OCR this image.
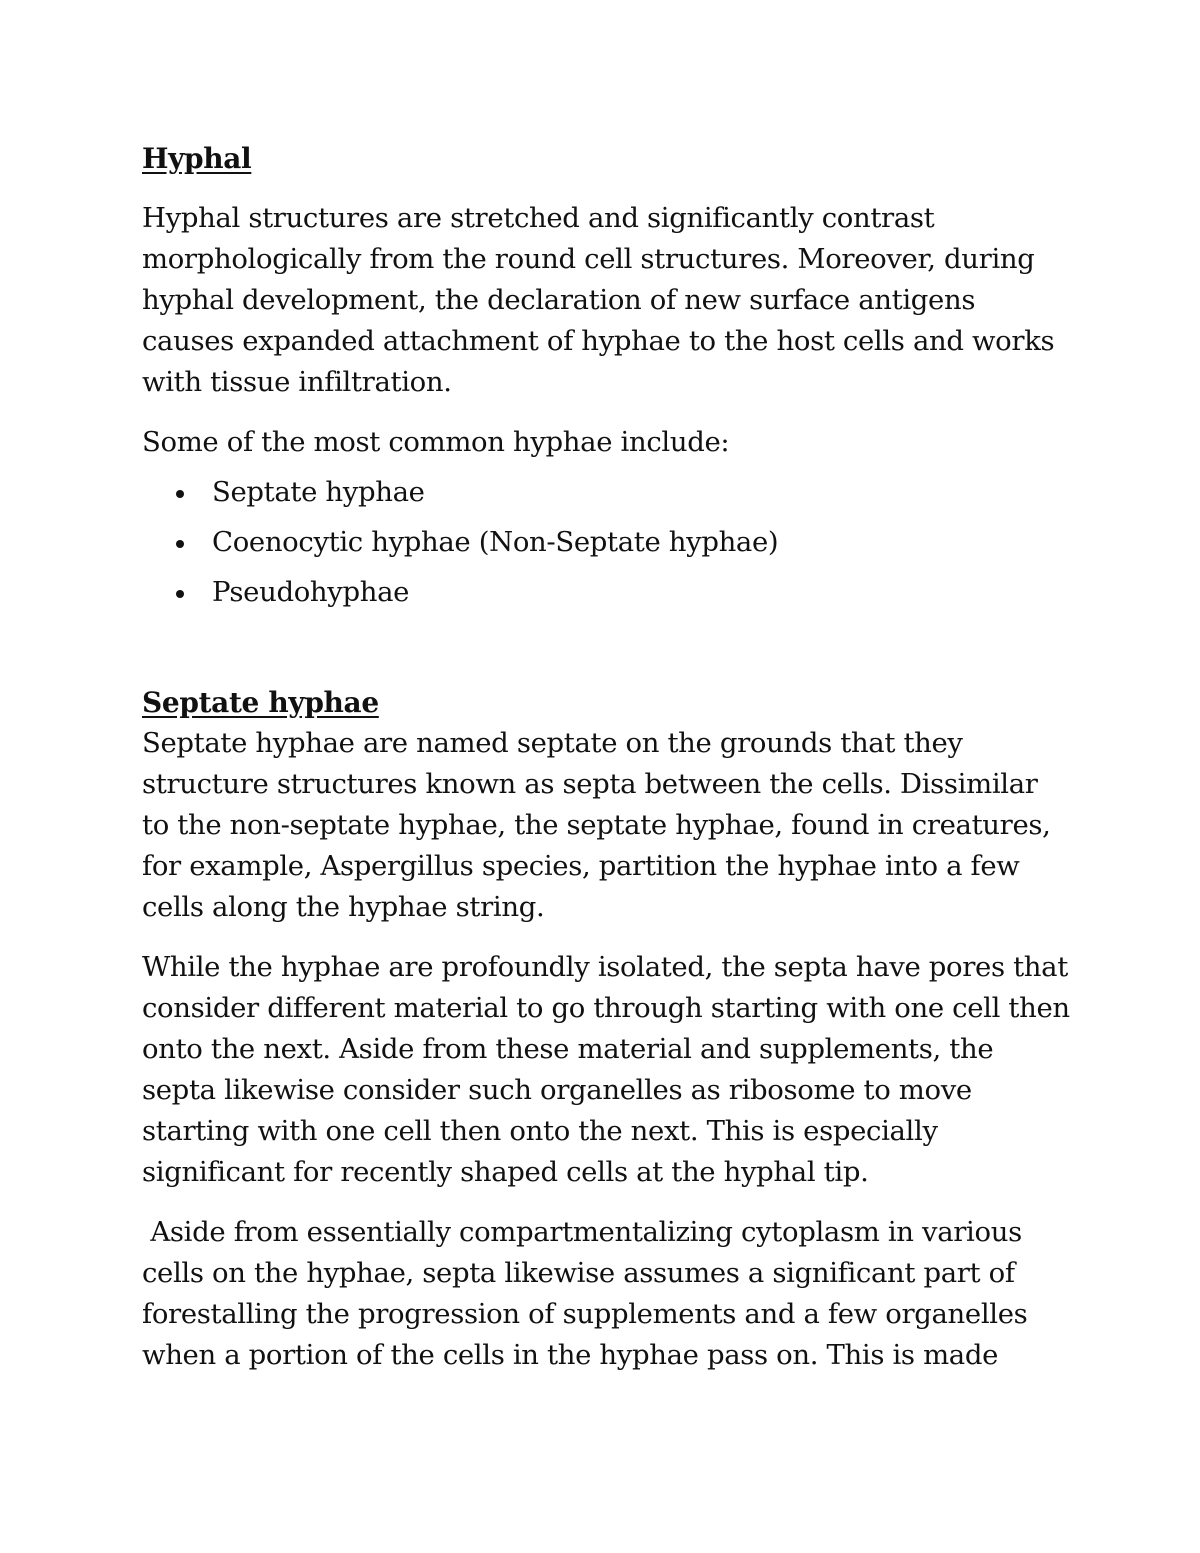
Hyphal

Hyphal structures are stretched and significantly contrast morphologically from the round cell structures. Moreover, during hyphal development, the declaration of new surface antigens causes expanded attachment of hyphae to the host cells and works with tissue infiltration.

Some of the most common hyphae include:

Septate hyphae
Coenocytic hyphae (Non-Septate hyphae)
Pseudohyphae
Septate hyphae

Septate hyphae are named septate on the grounds that they structure structures known as septa between the cells. Dissimilar to the non-septate hyphae, the septate hyphae, found in creatures, for example, Aspergillus species, partition the hyphae into a few cells along the hyphae string.

While the hyphae are profoundly isolated, the septa have pores that consider different material to go through starting with one cell then onto the next. Aside from these material and supplements, the septa likewise consider such organelles as ribosome to move starting with one cell then onto the next. This is especially significant for recently shaped cells at the hyphal tip.

Aside from essentially compartmentalizing cytoplasm in various cells on the hyphae, septa likewise assumes a significant part of forestalling the progression of supplements and a few organelles when a portion of the cells in the hyphae pass on. This is made
